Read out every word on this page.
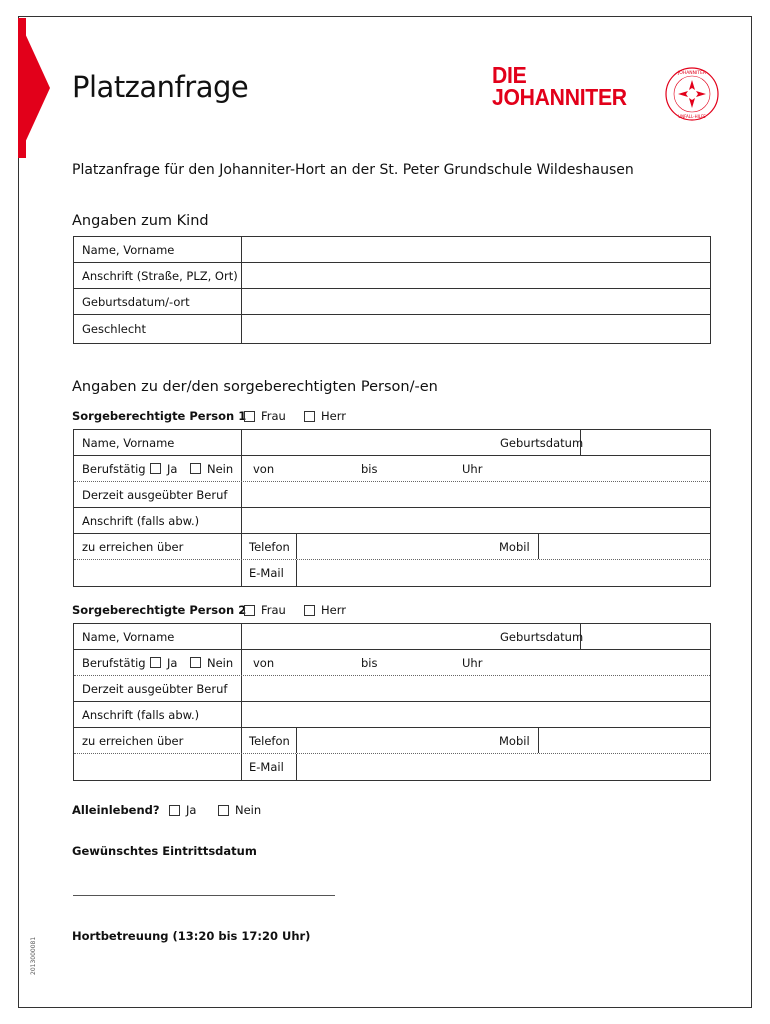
Platzanfrage	DIE
JOHANNITER
JOHANNITER
UNFALL-HILFE
Platzanfrage für den Johanniter-Hort an der St. Peter Grundschule Wildeshausen
Angaben zum Kind
Name, Vorname
Anschrift (Straße, PLZ, Ort)
Geburtsdatum/-ort
Geschlecht
Angaben zu der/den sorgeberechtigten Person/-en
Sorgeberechtigte Person 1 Frau	Herr
Name, Vorname	Geburtsdatum
Berufstätig Ja	Nein von	bis	Uhr
Derzeit ausgeübter Beruf
Anschrift (falls abw.)
zu erreichen über	Telefon	Mobil
E-Mail
Sorgeberechtigte Person 2 Frau	Herr
Name, Vorname	Geburtsdatum
Berufstätig Ja	Nein von	bis	Uhr
Derzeit ausgeübter Beruf
Anschrift (falls abw.)
zu erreichen über	Telefon	Mobil
E-Mail
Alleinlebend? Ja	Nein
Gewünschtes Eintrittsdatum
Hortbetreuung (13:20 bis 17:20 Uhr)
2013000081
